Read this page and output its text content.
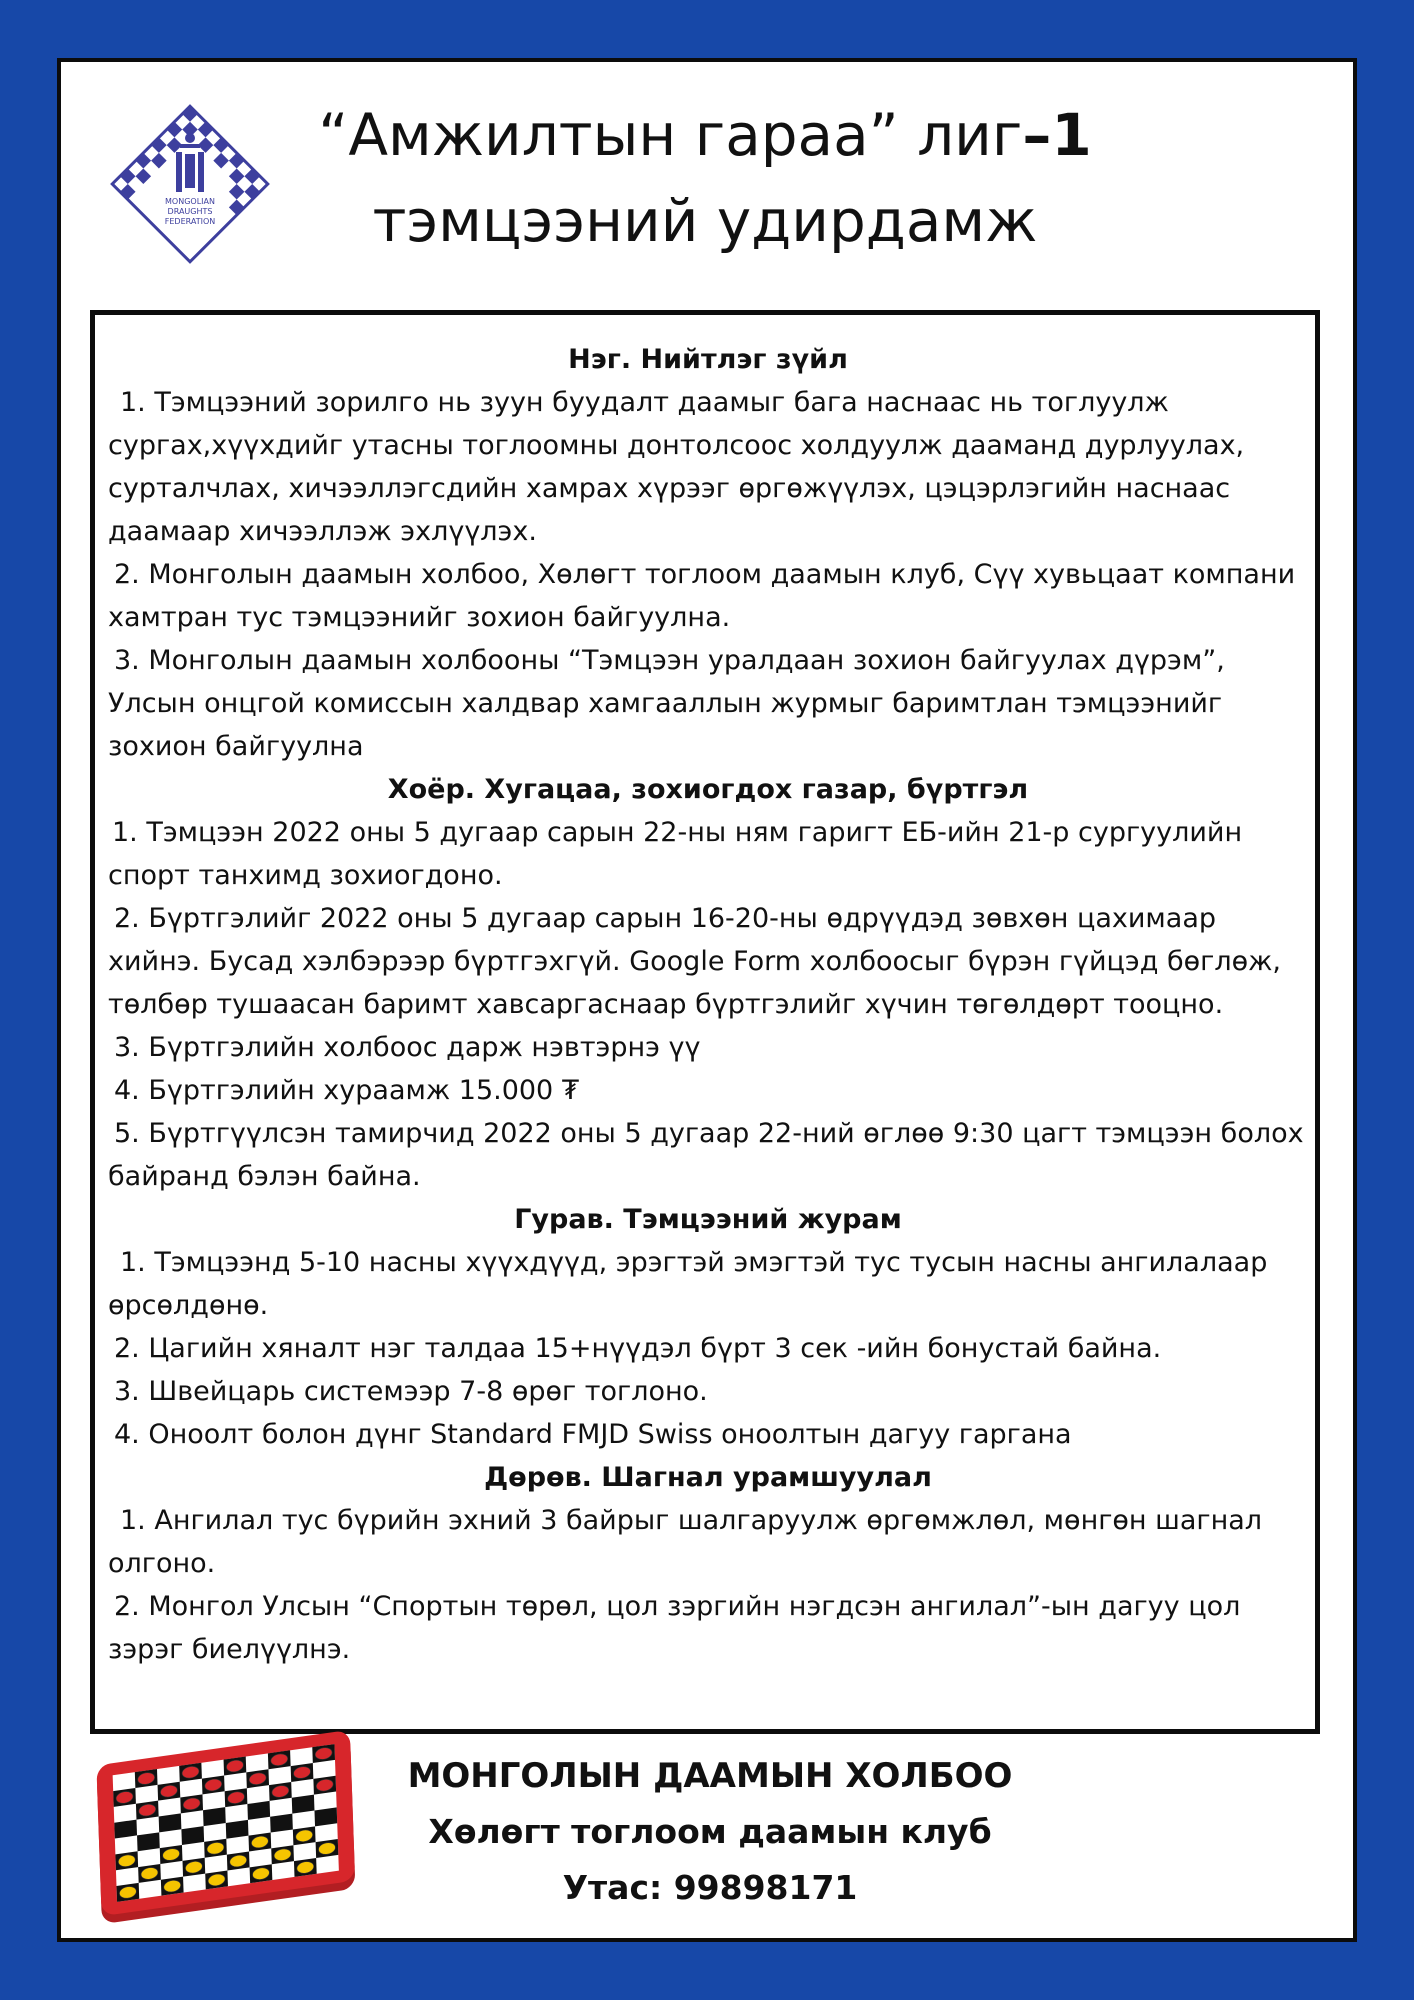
MONGOLIAN
DRAUGHTS
FEDERATION
“Амжилтын гараа” лиг–1
тэмцээний удирдамж
Нэг. Нийтлэг зүйл

1. Тэмцээний зорилго нь зуун буудалт даамыг бага наснаас нь тоглуулж сургах,хүүхдийг утасны тоглоомны донтолсоос холдуулж дааманд дурлуулах, сурталчлах, хичээллэгсдийн хамрах хүрээг өргөжүүлэх, цэцэрлэгийн наснаас даамаар хичээллэж эхлүүлэх.

2. Монголын даамын холбоо, Хөлөгт тоглоом даамын клуб, Сүү хувьцаат компани хамтран тус тэмцээнийг зохион байгуулна.

3. Монголын даамын холбооны “Тэмцээн уралдаан зохион байгуулах дүрэм”, Улсын онцгой комиссын халдвар хамгааллын журмыг баримтлан тэмцээнийг зохион байгуулна

Хоёр. Хугацаа, зохиогдох газар, бүртгэл

1. Тэмцээн 2022 оны 5 дугаар сарын 22-ны ням гаригт ЕБ-ийн 21-р сургуулийн спорт танхимд зохиогдоно.

2. Бүртгэлийг 2022 оны 5 дугаар сарын 16-20-ны өдрүүдэд зөвхөн цахимаар хийнэ. Бусад хэлбэрээр бүртгэхгүй. Google Form холбоосыг бүрэн гүйцэд бөглөж, төлбөр тушаасан баримт хавсаргаснаар бүртгэлийг хүчин төгөлдөрт тооцно.

3. Бүртгэлийн холбоос дарж нэвтэрнэ үү

4. Бүртгэлийн хураамж 15.000 ₮

5. Бүртгүүлсэн тамирчид 2022 оны 5 дугаар 22-ний өглөө 9:30 цагт тэмцээн болох байранд бэлэн байна.

Гурав. Тэмцээний журам

1. Тэмцээнд 5-10 насны хүүхдүүд, эрэгтэй эмэгтэй тус тусын насны ангилалаар өрсөлдөнө.

2. Цагийн хяналт нэг талдаа 15+нүүдэл бүрт 3 сек -ийн бонустай байна.

3. Швейцарь системээр 7-8 өрөг тоглоно.

4. Оноолт болон дүнг Standard FMJD Swiss оноолтын дагуу гаргана

Дөрөв. Шагнал урамшуулал

1. Ангилал тус бүрийн эхний 3 байрыг шалгаруулж өргөмжлөл, мөнгөн шагнал олгоно.

2. Монгол Улсын “Спортын төрөл, цол зэргийн нэгдсэн ангилал”-ын дагуу цол зэрэг биелүүлнэ.

МОНГОЛЫН ДААМЫН ХОЛБОО
Хөлөгт тоглоом даамын клуб
Утас: 99898171
